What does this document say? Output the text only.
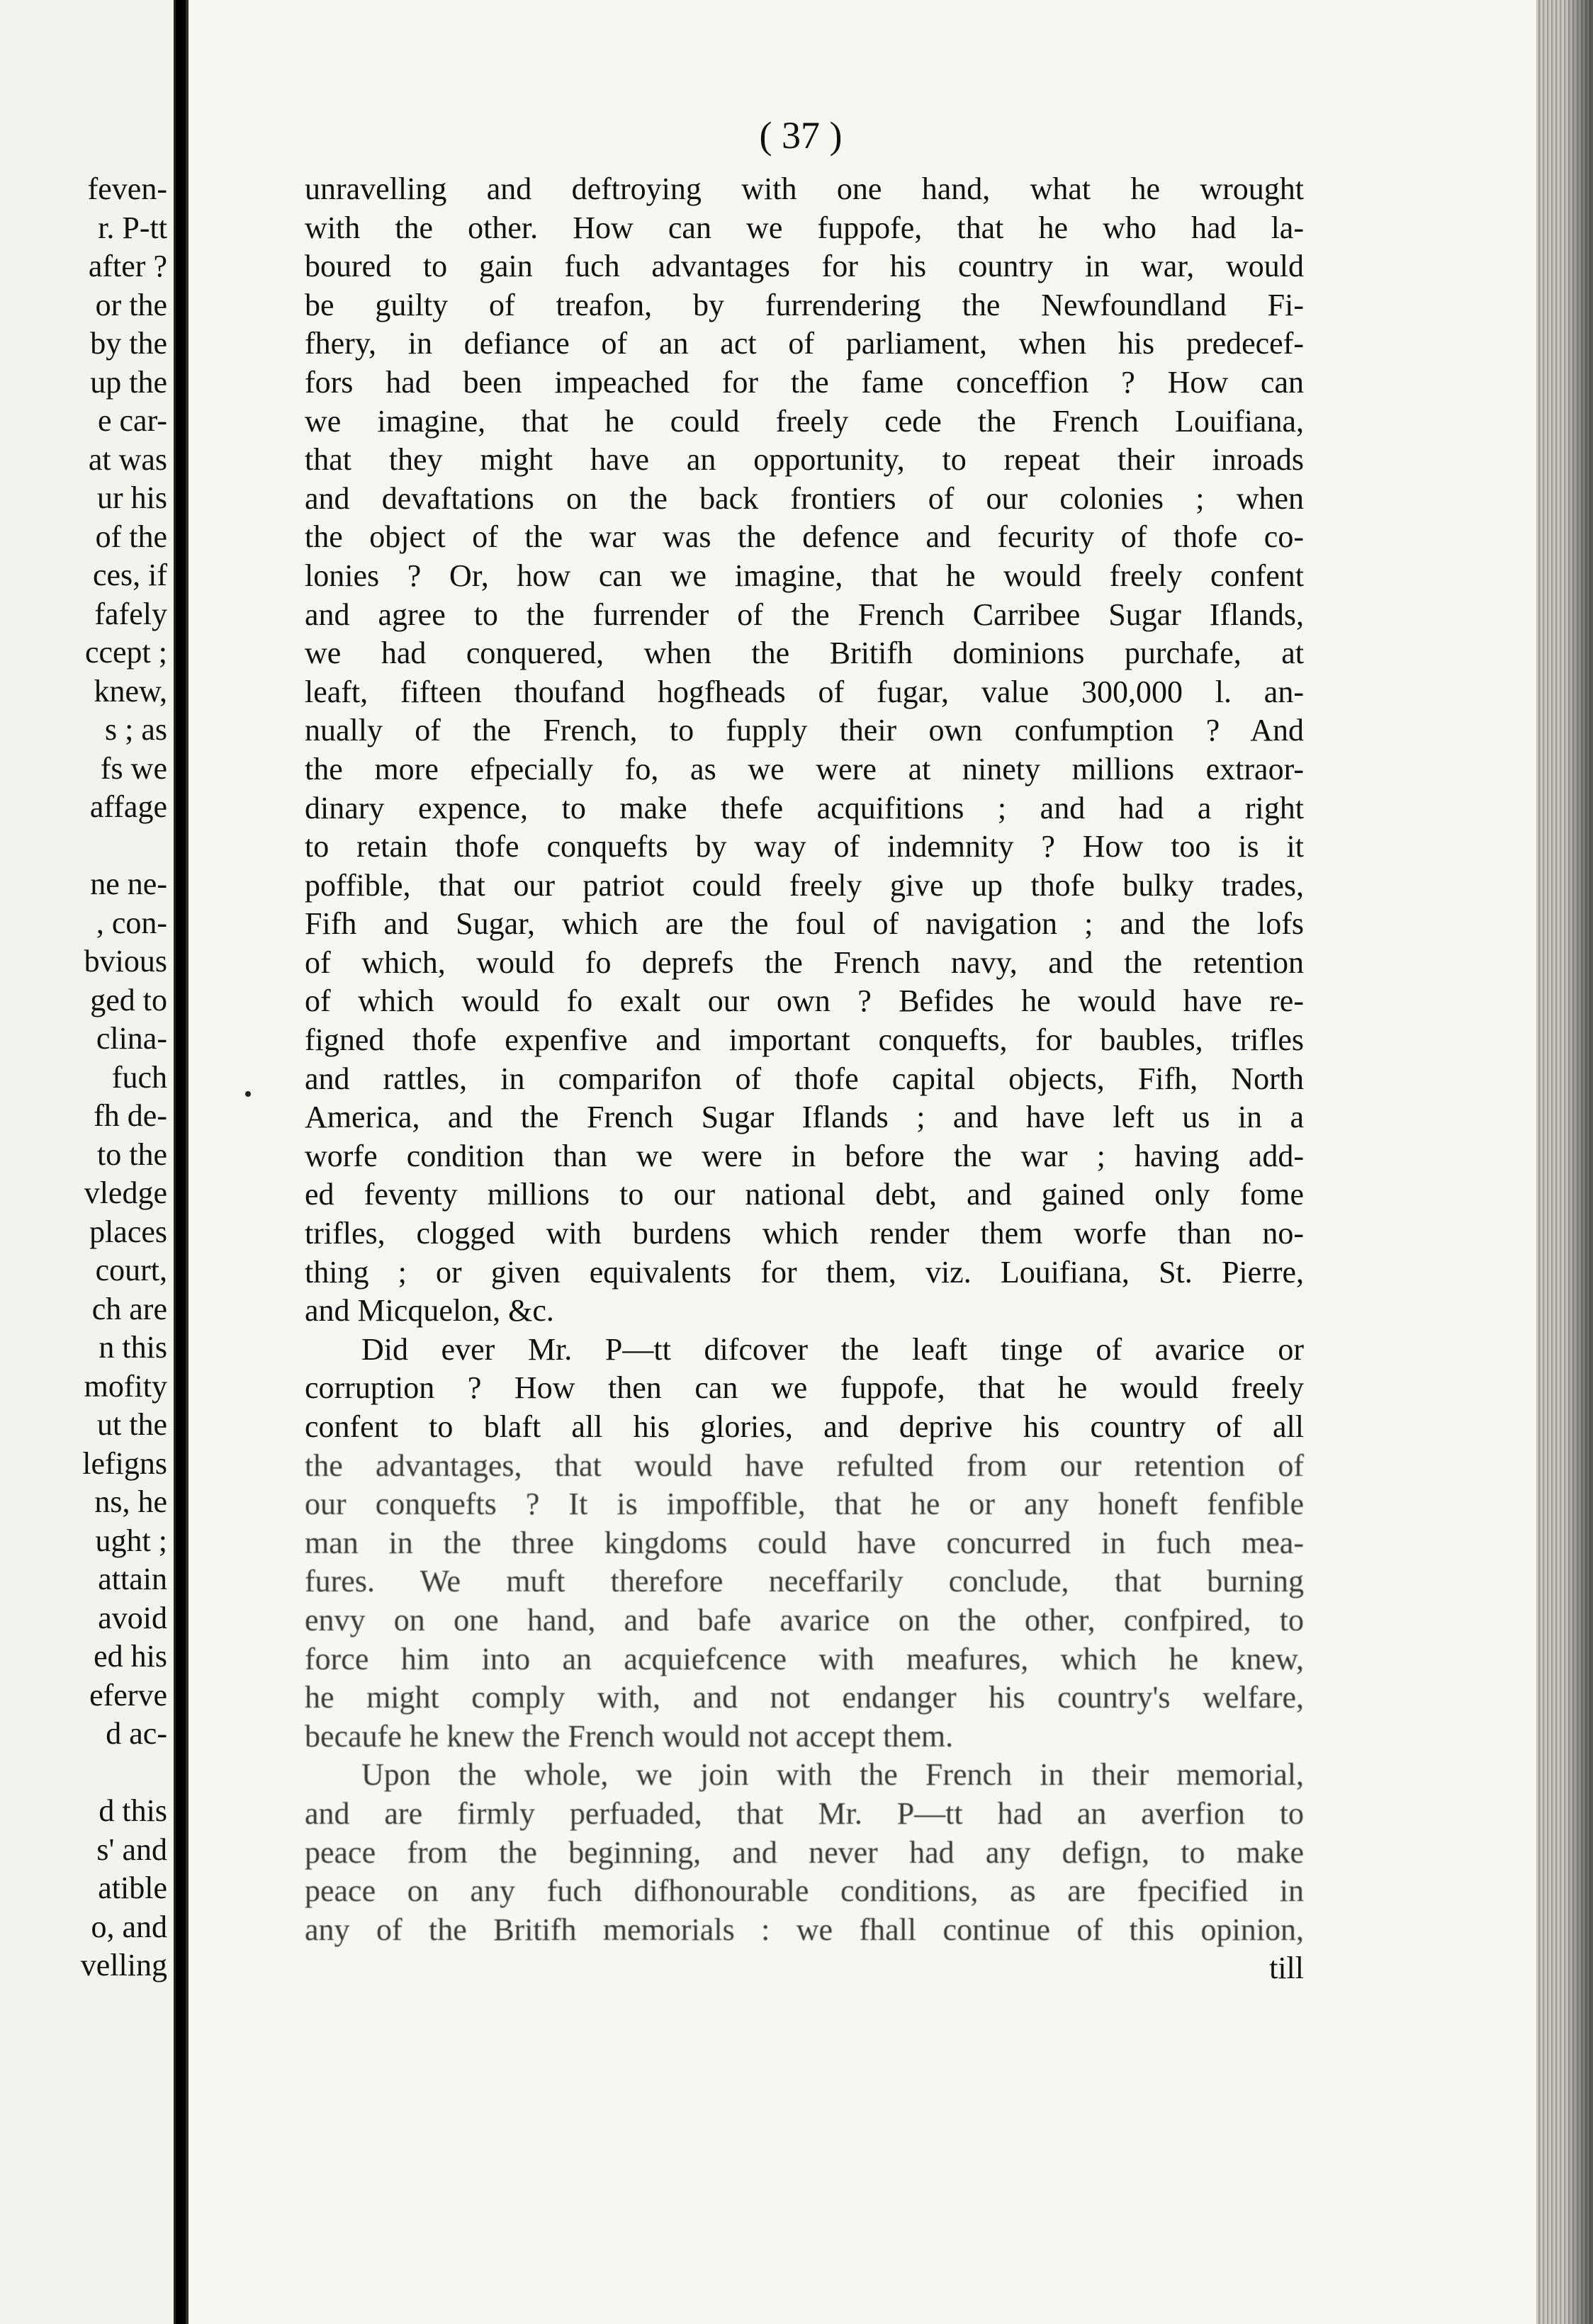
feven-
r. P-tt
after ?
or the
by the
up the
e car-
at was
ur his
of the
ces, if
fafely
ccept ;
knew,
s ; as
fs we
affage
ne ne-
, con-
bvious
ged to
clina-
fuch
fh de-
to the
vledge
places
court,
ch are
n this
mofity
ut the
lefigns
ns, he
ught ;
attain
avoid
ed his
eferve
d ac-
d this
s' and
atible
o, and
velling
( 37 )
unravelling and deftroying with one hand, what he wrought
with the other. How can we fuppofe, that he who had la-
boured to gain fuch advantages for his country in war, would
be guilty of treafon, by furrendering the Newfoundland Fi-
fhery, in defiance of an act of parliament, when his predecef-
fors had been impeached for the fame conceffion ? How can
we imagine, that he could freely cede the French Louifiana,
that they might have an opportunity, to repeat their inroads
and devaftations on the back frontiers of our colonies ; when
the object of the war was the defence and fecurity of thofe co-
lonies ? Or, how can we imagine, that he would freely confent
and agree to the furrender of the French Carribee Sugar Iflands,
we had conquered, when the Britifh dominions purchafe, at
leaft, fifteen thoufand hogfheads of fugar, value 300,000 l. an-
nually of the French, to fupply their own confumption ? And
the more efpecially fo, as we were at ninety millions extraor-
dinary expence, to make thefe acquifitions ; and had a right
to retain thofe conquefts by way of indemnity ? How too is it
poffible, that our patriot could freely give up thofe bulky trades,
Fifh and Sugar, which are the foul of navigation ; and the lofs
of which, would fo deprefs the French navy, and the retention
of which would fo exalt our own ? Befides he would have re-
figned thofe expenfive and important conquefts, for baubles, trifles
and rattles, in comparifon of thofe capital objects, Fifh, North
America, and the French Sugar Iflands ; and have left us in a
worfe condition than we were in before the war ; having add-
ed feventy millions to our national debt, and gained only fome
trifles, clogged with burdens which render them worfe than no-
thing ; or given equivalents for them, viz. Louifiana, St. Pierre,
and Micquelon, &c.
Did ever Mr. P—tt difcover the leaft tinge of avarice or
corruption ? How then can we fuppofe, that he would freely
confent to blaft all his glories, and deprive his country of all
the advantages, that would have refulted from our retention of
our conquefts ? It is impoffible, that he or any honeft fenfible
man in the three kingdoms could have concurred in fuch mea-
fures. We muft therefore neceffarily conclude, that burning
envy on one hand, and bafe avarice on the other, confpired, to
force him into an acquiefcence with meafures, which he knew,
he might comply with, and not endanger his country's welfare,
becaufe he knew the French would not accept them.
Upon the whole, we join with the French in their memorial,
and are firmly perfuaded, that Mr. P—tt had an averfion to
peace from the beginning, and never had any defign, to make
peace on any fuch difhonourable conditions, as are fpecified in
any of the Britifh memorials : we fhall continue of this opinion,
till
